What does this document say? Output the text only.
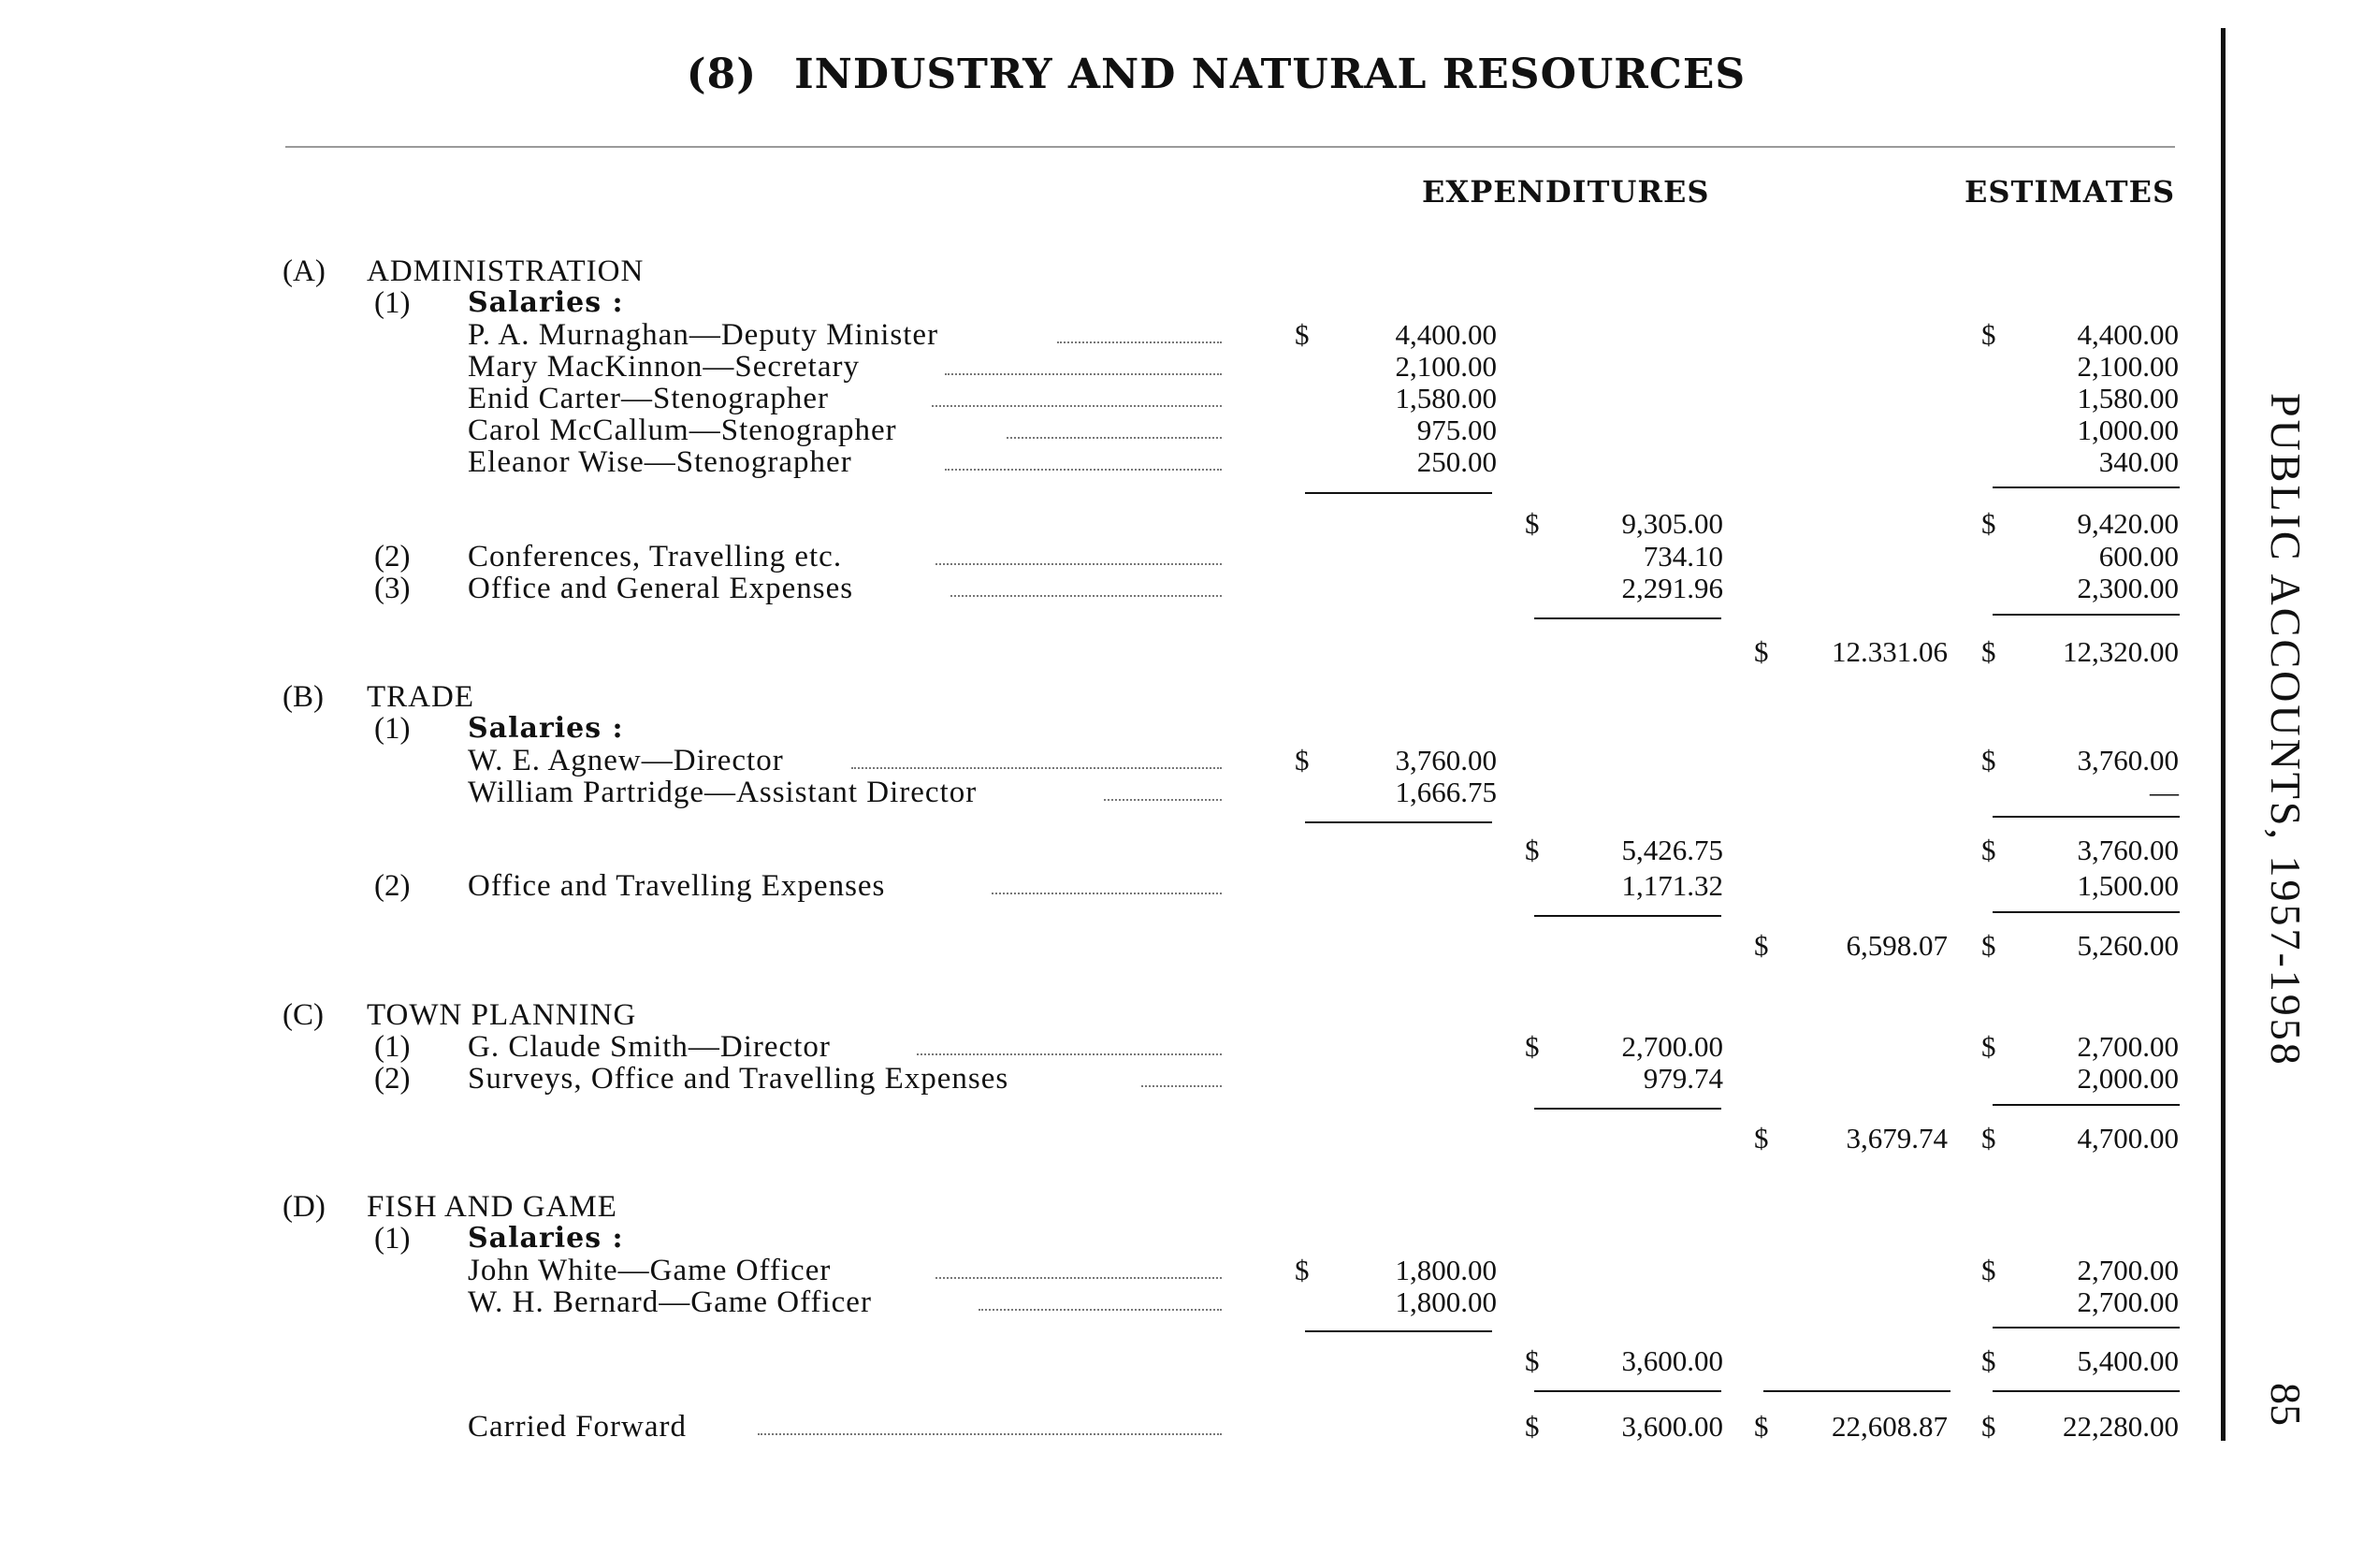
(8) INDUSTRY AND NATURAL RESOURCES
EXPENDITURES	ESTIMATES
PUBLIC ACCOUNTS, 1957-1958
85
(A) ADMINISTRATION
(1) Salaries :
P. A. Murnaghan—Deputy Minister	$	4,400.00	$	4,400.00
Mary MacKinnon—Secretary	2,100.00	2,100.00
Enid Carter—Stenographer	1,580.00	1,580.00
Carol McCallum—Stenographer	975.00	1,000.00
Eleanor Wise—Stenographer	250.00	340.00
$	9,305.00	$	9,420.00
(2) Conferences, Travelling etc.	734.10	600.00
(3) Office and General Expenses	2,291.96	2,300.00
$	12.331.06 $	12,320.00
(B) TRADE
(1) Salaries :
W. E. Agnew—Director	$	3,760.00	$	3,760.00
William Partridge—Assistant Director	1,666.75	—
$	5,426.75	$	3,760.00
(2) Office and Travelling Expenses	1,171.32	1,500.00
$	6,598.07 $	5,260.00
(C) TOWN PLANNING
(1) G. Claude Smith—Director	$	2,700.00	$	2,700.00
(2) Surveys, Office and Travelling Expenses	979.74	2,000.00
$	3,679.74 $	4,700.00
(D) FISH AND GAME
(1) Salaries :
John White—Game Officer	$	1,800.00	$	2,700.00
W. H. Bernard—Game Officer	1,800.00	2,700.00
$	3,600.00	$	5,400.00
Carried Forward	$	3,600.00 $	22,608.87 $	22,280.00
